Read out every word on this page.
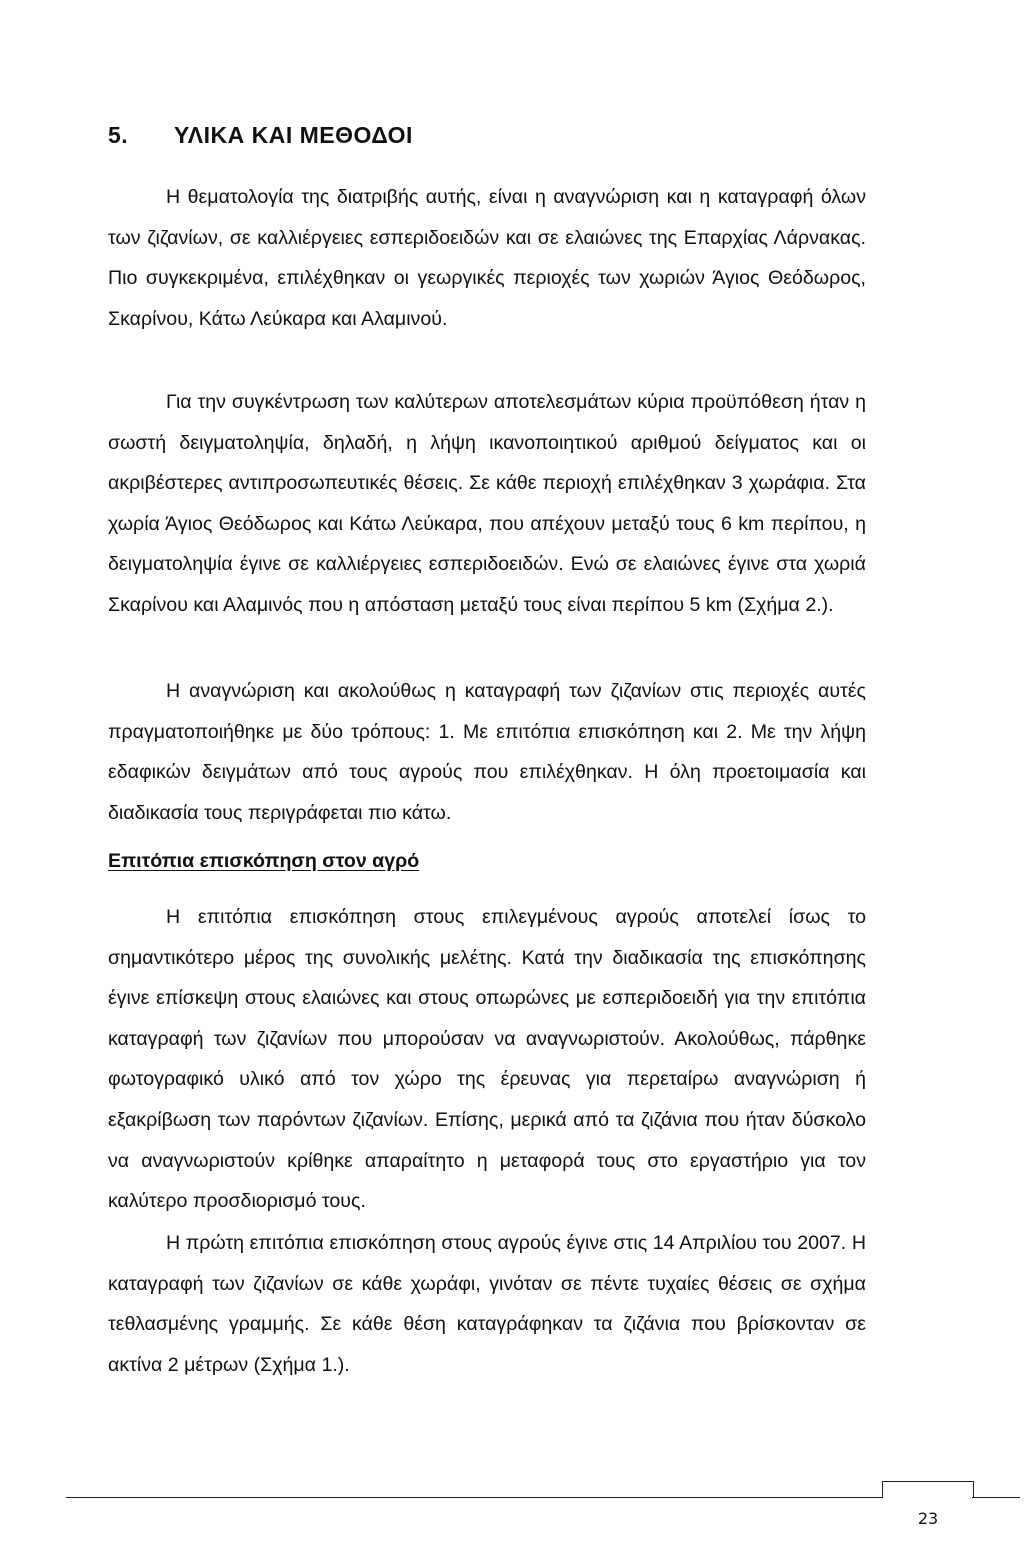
5. ΥΛΙΚΑ ΚΑΙ ΜΕΘΟΔΟΙ

Η θεματολογία της διατριβής αυτής, είναι η αναγνώριση και η καταγραφή όλων των ζιζανίων, σε καλλιέργειες εσπεριδοειδών και σε ελαιώνες της Επαρχίας Λάρνακας. Πιο συγκεκριμένα, επιλέχθηκαν οι γεωργικές περιοχές των χωριών Άγιος Θεόδωρος, Σκαρίνου, Κάτω Λεύκαρα και Αλαμινού.

Για την συγκέντρωση των καλύτερων αποτελεσμάτων κύρια προϋπόθεση ήταν η σωστή δειγματοληψία, δηλαδή, η λήψη ικανοποιητικού αριθμού δείγματος και οι ακριβέστερες αντιπροσωπευτικές θέσεις. Σε κάθε περιοχή επιλέχθηκαν 3 χωράφια. Στα χωρία Άγιος Θεόδωρος και Κάτω Λεύκαρα, που απέχουν μεταξύ τους 6 km περίπου, η δειγματοληψία έγινε σε καλλιέργειες εσπεριδοειδών. Ενώ σε ελαιώνες έγινε στα χωριά Σκαρίνου και Αλαμινός που η απόσταση μεταξύ τους είναι περίπου 5 km (Σχήμα 2.).

Η αναγνώριση και ακολούθως η καταγραφή των ζιζανίων στις περιοχές αυτές πραγματοποιήθηκε με δύο τρόπους: 1. Με επιτόπια επισκόπηση και 2. Με την λήψη εδαφικών δειγμάτων από τους αγρούς που επιλέχθηκαν. Η όλη προετοιμασία και διαδικασία τους περιγράφεται πιο κάτω.

Επιτόπια επισκόπηση στον αγρό

Η επιτόπια επισκόπηση στους επιλεγμένους αγρούς αποτελεί ίσως το σημαντικότερο μέρος της συνολικής μελέτης. Κατά την διαδικασία της επισκόπησης έγινε επίσκεψη στους ελαιώνες και στους οπωρώνες με εσπεριδοειδή για την επιτόπια καταγραφή των ζιζανίων που μπορούσαν να αναγνωριστούν. Ακολούθως, πάρθηκε φωτογραφικό υλικό από τον χώρο της έρευνας για περεταίρω αναγνώριση ή εξακρίβωση των παρόντων ζιζανίων. Επίσης, μερικά από τα ζιζάνια που ήταν δύσκολο να αναγνωριστούν κρίθηκε απαραίτητο η μεταφορά τους στο εργαστήριο για τον καλύτερο προσδιορισμό τους.

Η πρώτη επιτόπια επισκόπηση στους αγρούς έγινε στις 14 Απριλίου του 2007. Η καταγραφή των ζιζανίων σε κάθε χωράφι, γινόταν σε πέντε τυχαίες θέσεις σε σχήμα τεθλασμένης γραμμής. Σε κάθε θέση καταγράφηκαν τα ζιζάνια που βρίσκονταν σε ακτίνα 2 μέτρων (Σχήμα 1.).

23
